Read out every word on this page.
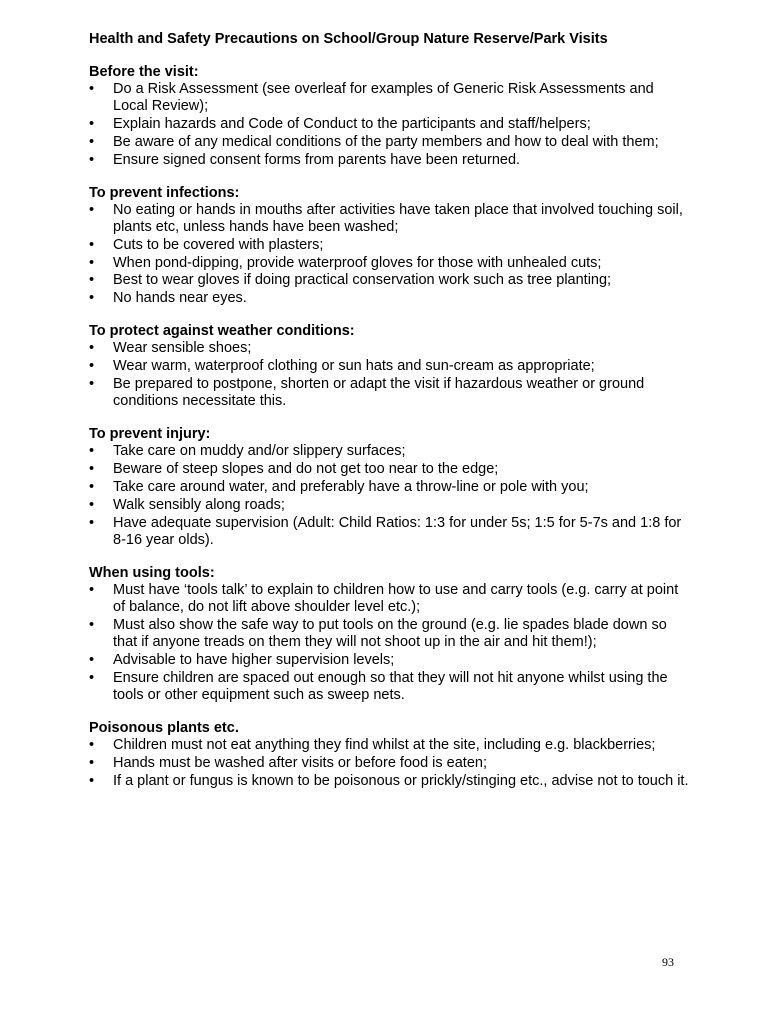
Health and Safety Precautions on School/Group Nature Reserve/Park Visits

Before the visit:

•	Do a Risk Assessment (see overleaf for examples of Generic Risk Assessments and Local Review);
•	Explain hazards and Code of Conduct to the participants and staff/helpers;
•	Be aware of any medical conditions of the party members and how to deal with them;
•	Ensure signed consent forms from parents have been returned.

To prevent infections:

•	No eating or hands in mouths after activities have taken place that involved touching soil, plants etc, unless hands have been washed;
•	Cuts to be covered with plasters;
•	When pond-dipping, provide waterproof gloves for those with unhealed cuts;
•	Best to wear gloves if doing practical conservation work such as tree planting;
•	No hands near eyes.

To protect against weather conditions:

•	Wear sensible shoes;
•	Wear warm, waterproof clothing or sun hats and sun-cream as appropriate;
•	Be prepared to postpone, shorten or adapt the visit if hazardous weather or ground conditions necessitate this.

To prevent injury:

•	Take care on muddy and/or slippery surfaces;
•	Beware of steep slopes and do not get too near to the edge;
•	Take care around water, and preferably have a throw-line or pole with you;
•	Walk sensibly along roads;
•	Have adequate supervision (Adult: Child Ratios: 1:3 for under 5s; 1:5 for 5-7s and 1:8 for 8-16 year olds).

When using tools:

•	Must have ‘tools talk’ to explain to children how to use and carry tools (e.g. carry at point of balance, do not lift above shoulder level etc.);
•	Must also show the safe way to put tools on the ground (e.g. lie spades blade down so that if anyone treads on them they will not shoot up in the air and hit them!);
•	Advisable to have higher supervision levels;
•	Ensure children are spaced out enough so that they will not hit anyone whilst using the tools or other equipment such as sweep nets.

Poisonous plants etc.

•	Children must not eat anything they find whilst at the site, including e.g. blackberries;
•	Hands must be washed after visits or before food is eaten;
•	If a plant or fungus is known to be poisonous or prickly/stinging etc., advise not to touch it.
93
